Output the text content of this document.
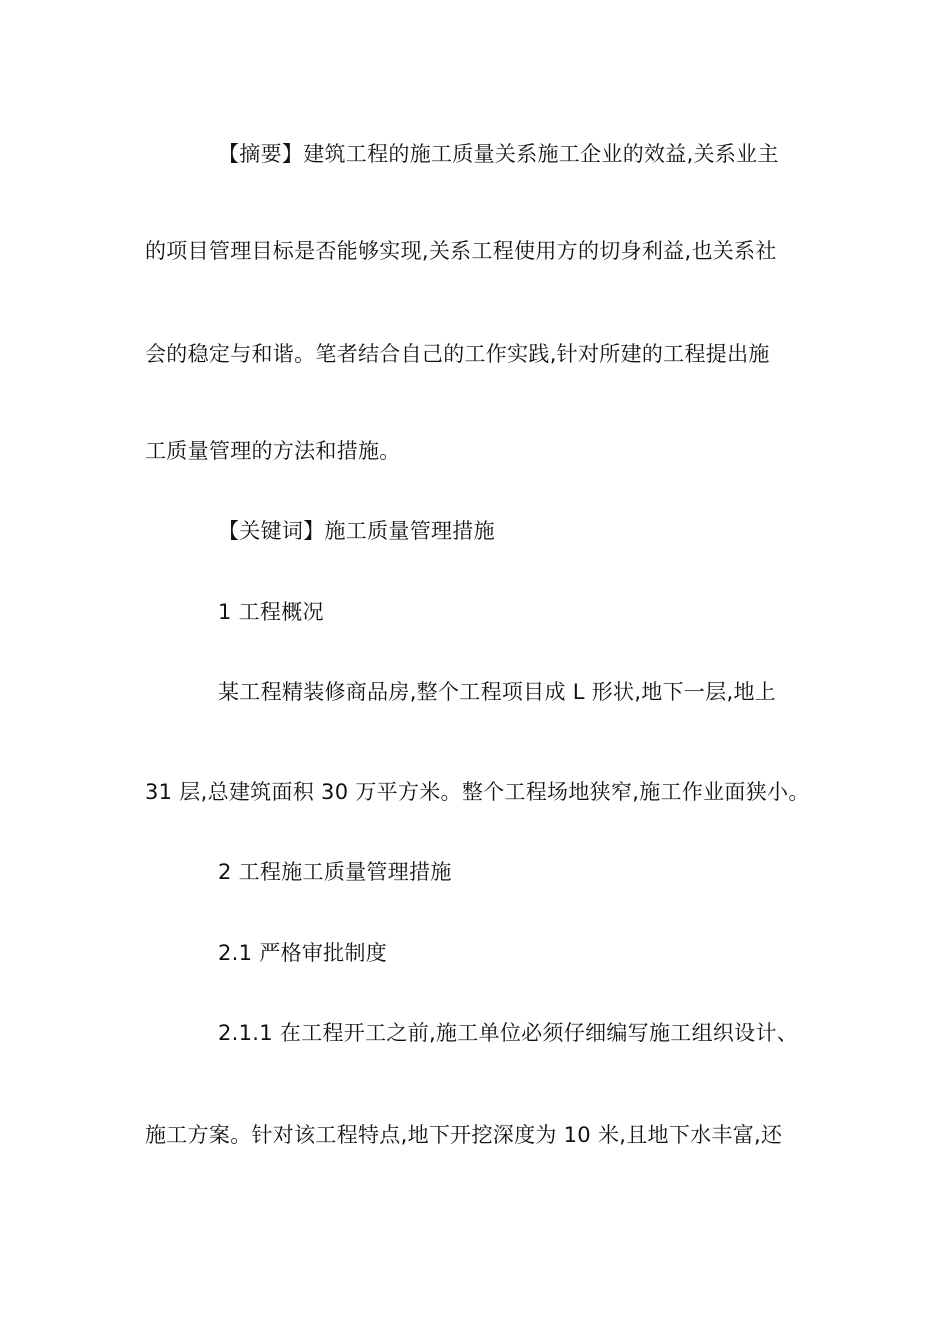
【摘要】建筑工程的施工质量关系施工企业的效益,关系业主
的项目管理目标是否能够实现,关系工程使用方的切身利益,也关系社
会的稳定与和谐。笔者结合自己的工作实践,针对所建的工程提出施
工质量管理的方法和措施。
【关键词】施工质量管理措施
1 工程概况
某工程精装修商品房,整个工程项目成 L 形状,地下一层,地上
31 层,总建筑面积 30 万平方米。整个工程场地狭窄,施工作业面狭小。
2 工程施工质量管理措施
2.1 严格审批制度
2.1.1 在工程开工之前,施工单位必须仔细编写施工组织设计、
施工方案。针对该工程特点,地下开挖深度为 10 米,且地下水丰富,还
